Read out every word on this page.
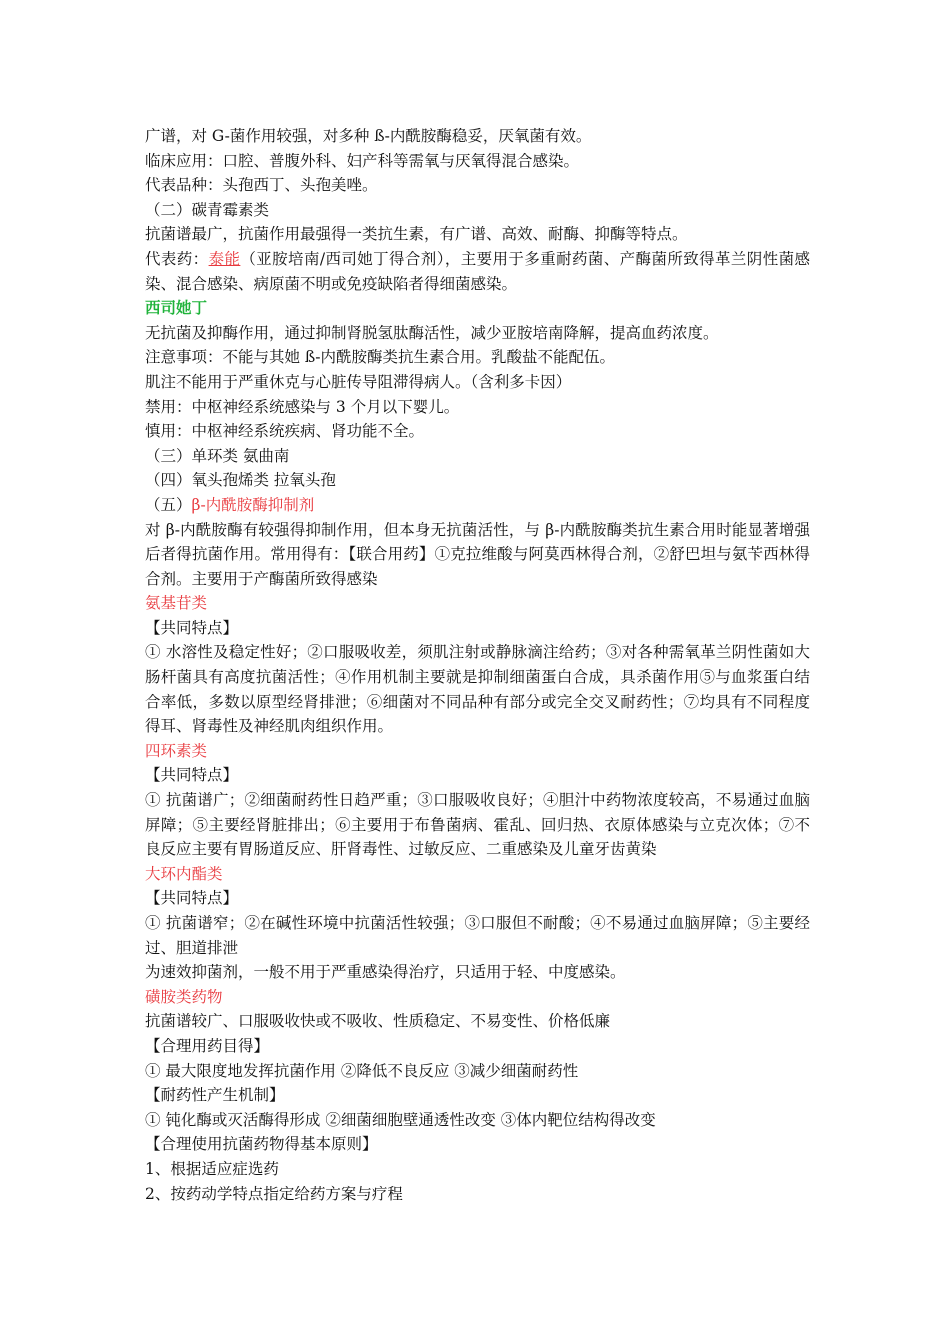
广谱，对 G-菌作用较强，对多种 ß-内酰胺酶稳妥，厌氧菌有效。
临床应用：口腔、普腹外科、妇产科等需氧与厌氧得混合感染。
代表品种：头孢西丁、头孢美唑。
（二）碳青霉素类
抗菌谱最广，抗菌作用最强得一类抗生素，有广谱、高效、耐酶、抑酶等特点。
代表药：泰能（亚胺培南/西司她丁得合剂），主要用于多重耐药菌、产酶菌所致得革兰阴性菌感染、混合感染、病原菌不明或免疫缺陷者得细菌感染。
西司她丁
无抗菌及抑酶作用，通过抑制肾脱氢肽酶活性，减少亚胺培南降解，提高血药浓度。
注意事项：不能与其她 ß-内酰胺酶类抗生素合用。乳酸盐不能配伍。
肌注不能用于严重休克与心脏传导阻滞得病人。（含利多卡因）
禁用：中枢神经系统感染与 3 个月以下婴儿。
慎用：中枢神经系统疾病、肾功能不全。
（三）单环类 氨曲南
（四）氧头孢烯类 拉氧头孢
（五）β-内酰胺酶抑制剂
对 β-内酰胺酶有较强得抑制作用，但本身无抗菌活性，与 β-内酰胺酶类抗生素合用时能显著增强后者得抗菌作用。常用得有：【联合用药】①克拉维酸与阿莫西林得合剂，②舒巴坦与氨苄西林得合剂。主要用于产酶菌所致得感染
氨基苷类
【共同特点】
① 水溶性及稳定性好；②口服吸收差，须肌注射或静脉滴注给药；③对各种需氧革兰阴性菌如大肠杆菌具有高度抗菌活性；④作用机制主要就是抑制细菌蛋白合成，具杀菌作用⑤与血浆蛋白结合率低，多数以原型经肾排泄；⑥细菌对不同品种有部分或完全交叉耐药性；⑦均具有不同程度得耳、肾毒性及神经肌肉组织作用。
四环素类
【共同特点】
① 抗菌谱广；②细菌耐药性日趋严重；③口服吸收良好；④胆汁中药物浓度较高，不易通过血脑屏障；⑤主要经肾脏排出；⑥主要用于布鲁菌病、霍乱、回归热、衣原体感染与立克次体；⑦不良反应主要有胃肠道反应、肝肾毒性、过敏反应、二重感染及儿童牙齿黄染
大环内酯类
【共同特点】
① 抗菌谱窄；②在碱性环境中抗菌活性较强；③口服但不耐酸；④不易通过血脑屏障；⑤主要经过、胆道排泄
为速效抑菌剂，一般不用于严重感染得治疗，只适用于轻、中度感染。
磺胺类药物
抗菌谱较广、口服吸收快或不吸收、性质稳定、不易变性、价格低廉
【合理用药目得】
① 最大限度地发挥抗菌作用 ②降低不良反应 ③减少细菌耐药性
【耐药性产生机制】
① 钝化酶或灭活酶得形成 ②细菌细胞壁通透性改变 ③体内靶位结构得改变
【合理使用抗菌药物得基本原则】
1、根据适应症选药
2、按药动学特点指定给药方案与疗程
